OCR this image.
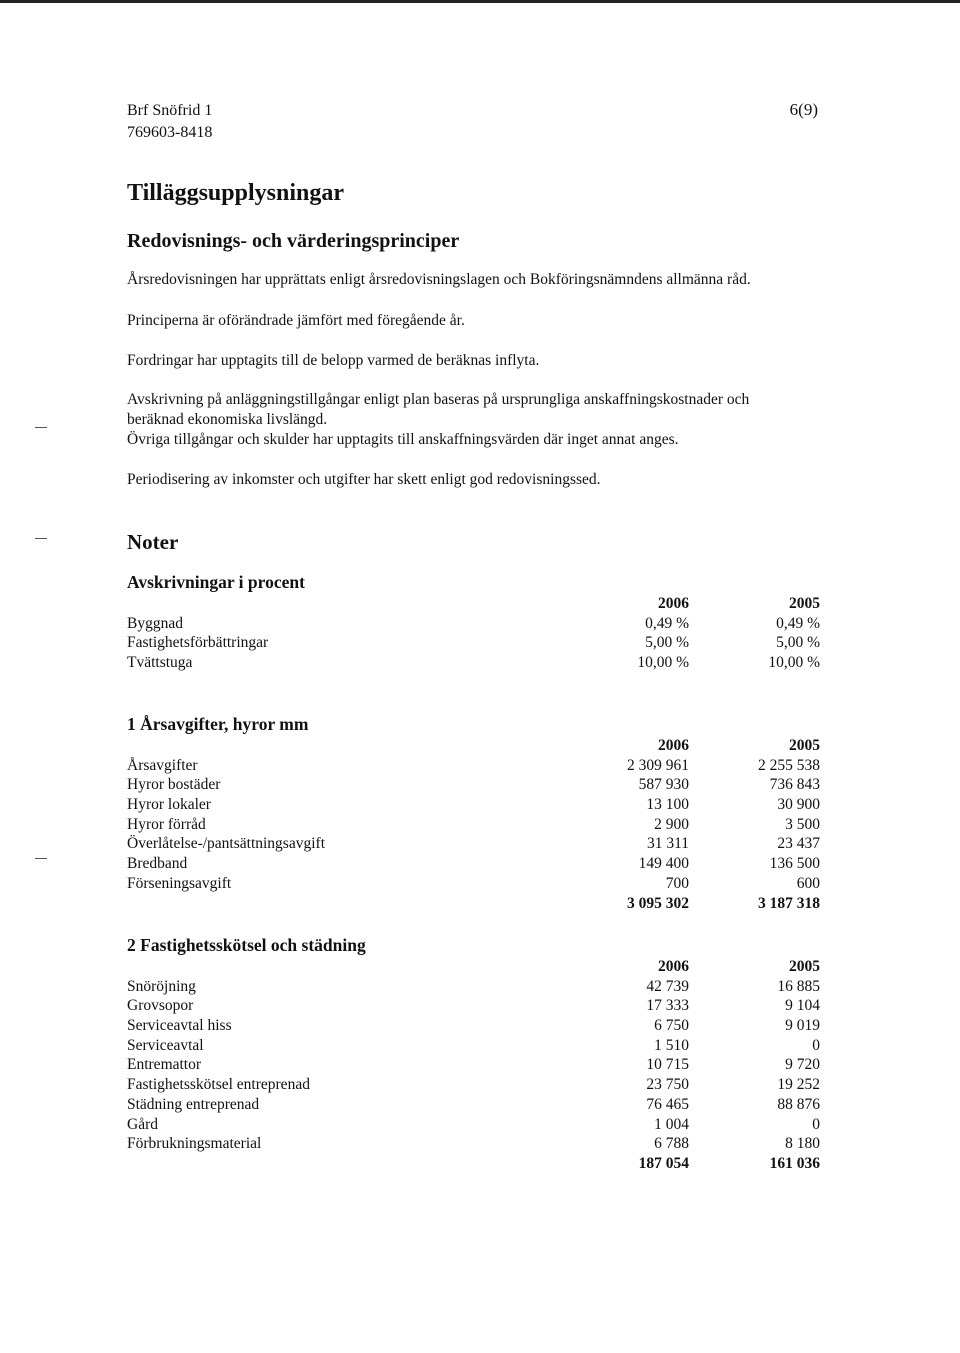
Brf Snöfrid 1
769603-8418
6(9)
Tilläggsupplysningar
Redovisnings- och värderingsprinciper
Årsredovisningen har upprättats enligt årsredovisningslagen och Bokföringsnämndens allmänna råd.
Principerna är oförändrade jämfört med föregående år.
Fordringar har upptagits till de belopp varmed de beräknas inflyta.
Avskrivning på anläggningstillgångar enligt plan baseras på ursprungliga anskaffningskostnader och
beräknad ekonomiska livslängd.
Övriga tillgångar och skulder har upptagits till anskaffningsvärden där inget annat anges.
Periodisering av inkomster och utgifter har skett enligt god redovisningssed.
Noter
Avskrivningar i procent
2006	2005
Byggnad	0,49 %	0,49 %
Fastighetsförbättringar	5,00 %	5,00 %
Tvättstuga	10,00 %	10,00 %
1 Årsavgifter, hyror mm
2006	2005
Årsavgifter	2 309 961	2 255 538
Hyror bostäder	587 930	736 843
Hyror lokaler	13 100	30 900
Hyror förråd	2 900	3 500
Överlåtelse-/pantsättningsavgift	31 311	23 437
Bredband	149 400	136 500
Förseningsavgift	700	600
3 095 302	3 187 318
2 Fastighetsskötsel och städning
2006	2005
Snöröjning	42 739	16 885
Grovsopor	17 333	9 104
Serviceavtal hiss	6 750	9 019
Serviceavtal	1 510	0
Entremattor	10 715	9 720
Fastighetsskötsel entreprenad	23 750	19 252
Städning entreprenad	76 465	88 876
Gård	1 004	0
Förbrukningsmaterial	6 788	8 180
187 054	161 036
